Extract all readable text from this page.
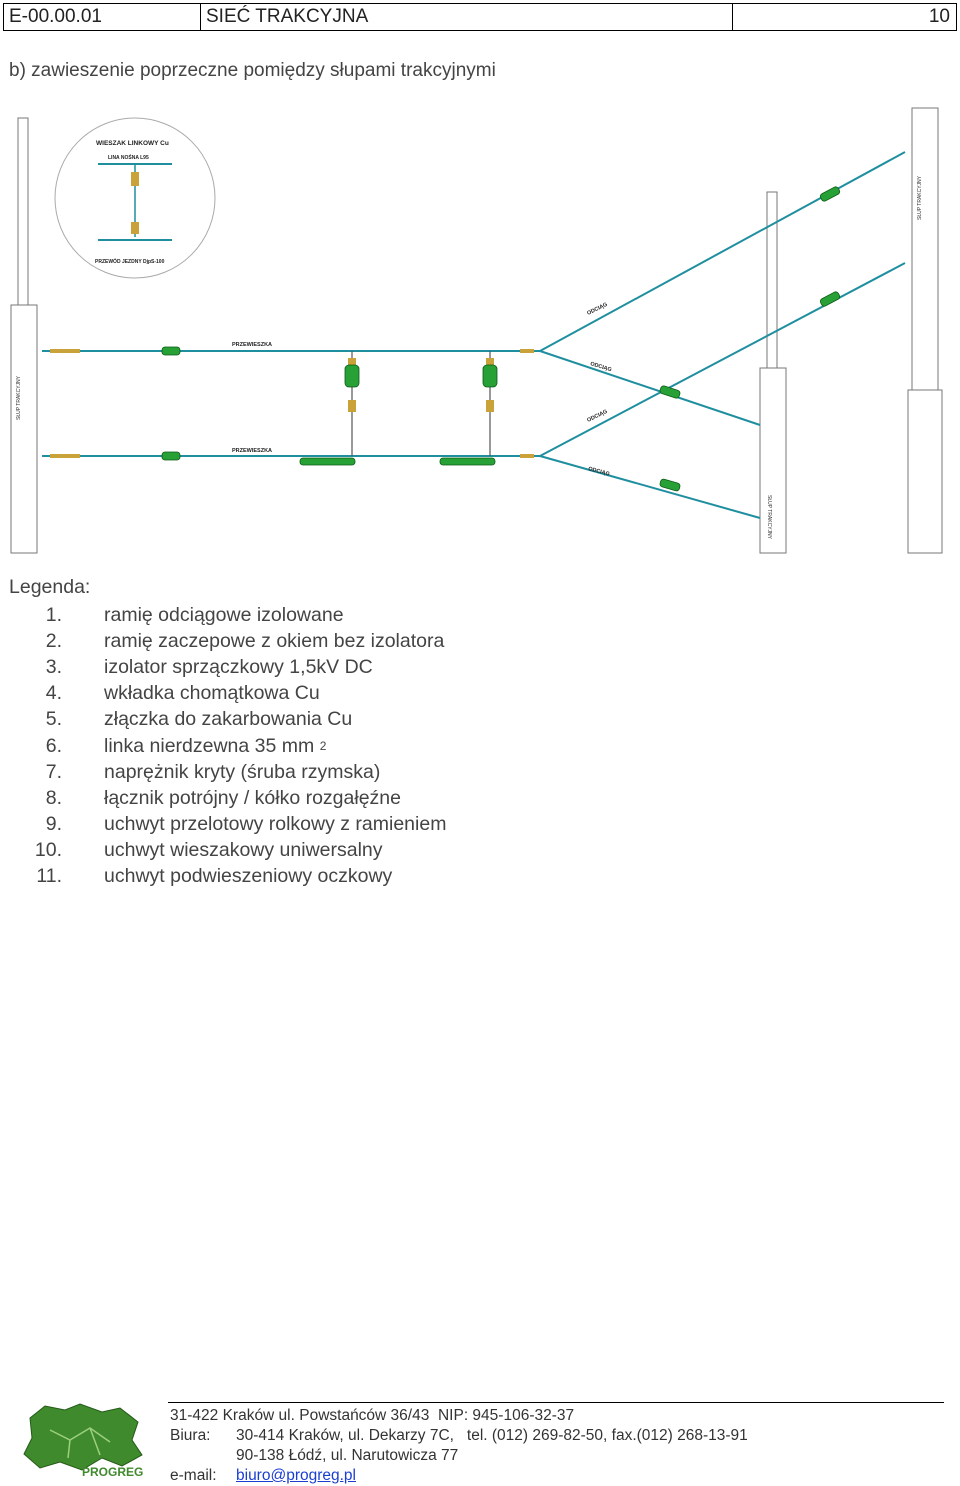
E-00.00.01	SIEĆ TRAKCYJNA	10
b) zawieszenie poprzeczne pomiędzy słupami trakcyjnymi
SŁUP TRAKCYJNY
SŁUP TRAKCYJNY
SŁUP TRAKCYJNY
WIESZAK LINKOWY Cu
LINA NOŚNA L95
PRZEWÓD JEZDNY DjpS-100
PRZEWIESZKA
PRZEWIESZKA
ODCIĄG
ODCIĄG
ODCIĄG
ODCIĄG
Legenda:
1.	ramię odciągowe izolowane
2.	ramię zaczepowe z okiem bez izolatora
3.	izolator sprzączkowy 1,5kV DC
4.	wkładka chomątkowa Cu
5.	złączka do zakarbowania Cu
6.	linka nierdzewna 35 mm
2
7.	naprężnik kryty (śruba rzymska)
8.	łącznik potrójny / kółko rozgałęźne
9.	uchwyt przelotowy rolkowy z ramieniem
10.	uchwyt wieszakowy uniwersalny
11.	uchwyt podwieszeniowy oczkowy
PROGREG
31-422 Kraków ul. Powstańców 36/43
NIP: 945-106-32-37
Biura:	30-414 Kraków, ul. Dekarzy 7C,
tel. (012) 269-82-50, fax.(012) 268-13-91
90-138 Łódź, ul. Narutowicza 77
e-mail:	biuro@progreg.pl
